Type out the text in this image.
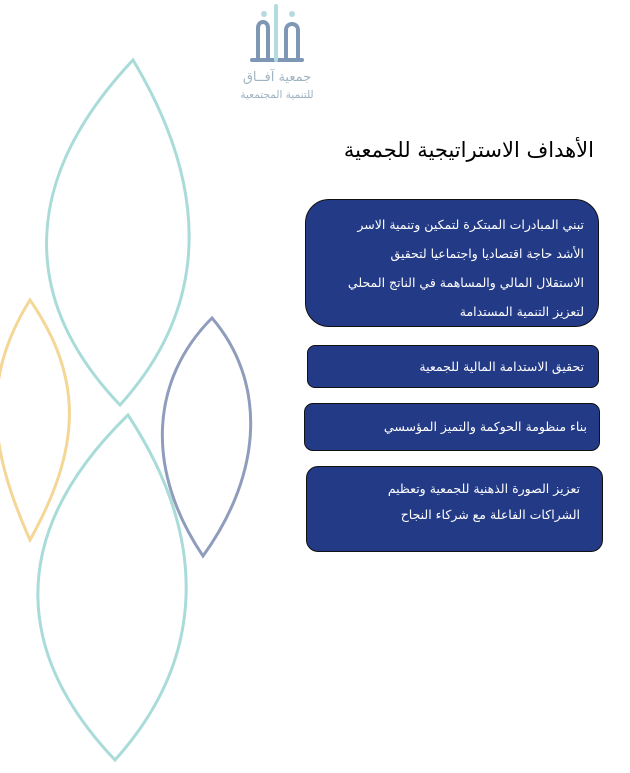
جمعية آفــاق
للتنمية المجتمعية
الأهداف الاستراتيجية للجمعية

تبني المبادرات المبتكرة لتمكين وتنمية الاسر

الأشد حاجة اقتصاديا واجتماعيا لتحقيق

الاستقلال المالي والمساهمة في الناتج المحلي

لتعزيز التنمية المستدامة

تحقيق الاستدامة المالية للجمعية

بناء منظومة الحوكمة والتميز المؤسسي

تعزيز الصورة الذهنية للجمعية وتعظيم

الشراكات الفاعلة مع شركاء النجاح
